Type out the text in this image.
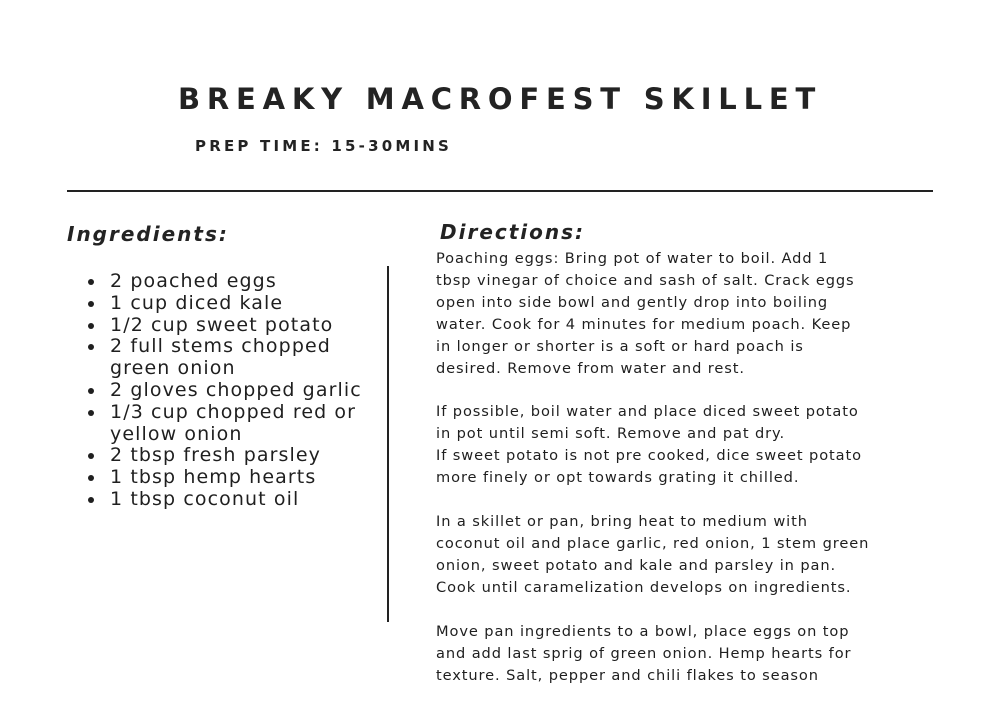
BREAKY MACROFEST SKILLET
PREP TIME: 15-30MINS
Ingredients:
2 poached eggs
1 cup diced kale
1/2 cup sweet potato
2 full stems chopped green onion
2 gloves chopped garlic
1/3 cup chopped red or yellow onion
2 tbsp fresh parsley
1 tbsp hemp hearts
1 tbsp coconut oil
Directions:

Poaching eggs: Bring pot of water to boil. Add 1
tbsp vinegar of choice and sash of salt. Crack eggs
open into side bowl and gently drop into boiling
water. Cook for 4 minutes for medium poach. Keep
in longer or shorter is a soft or hard poach is
desired. Remove from water and rest.

If possible, boil water and place diced sweet potato
in pot until semi soft. Remove and pat dry.
If sweet potato is not pre cooked, dice sweet potato
more finely or opt towards grating it chilled.

In a skillet or pan, bring heat to medium with
coconut oil and place garlic, red onion, 1 stem green
onion, sweet potato and kale and parsley in pan.
Cook until caramelization develops on ingredients.

Move pan ingredients to a bowl, place eggs on top
and add last sprig of green onion. Hemp hearts for
texture. Salt, pepper and chili flakes to season
